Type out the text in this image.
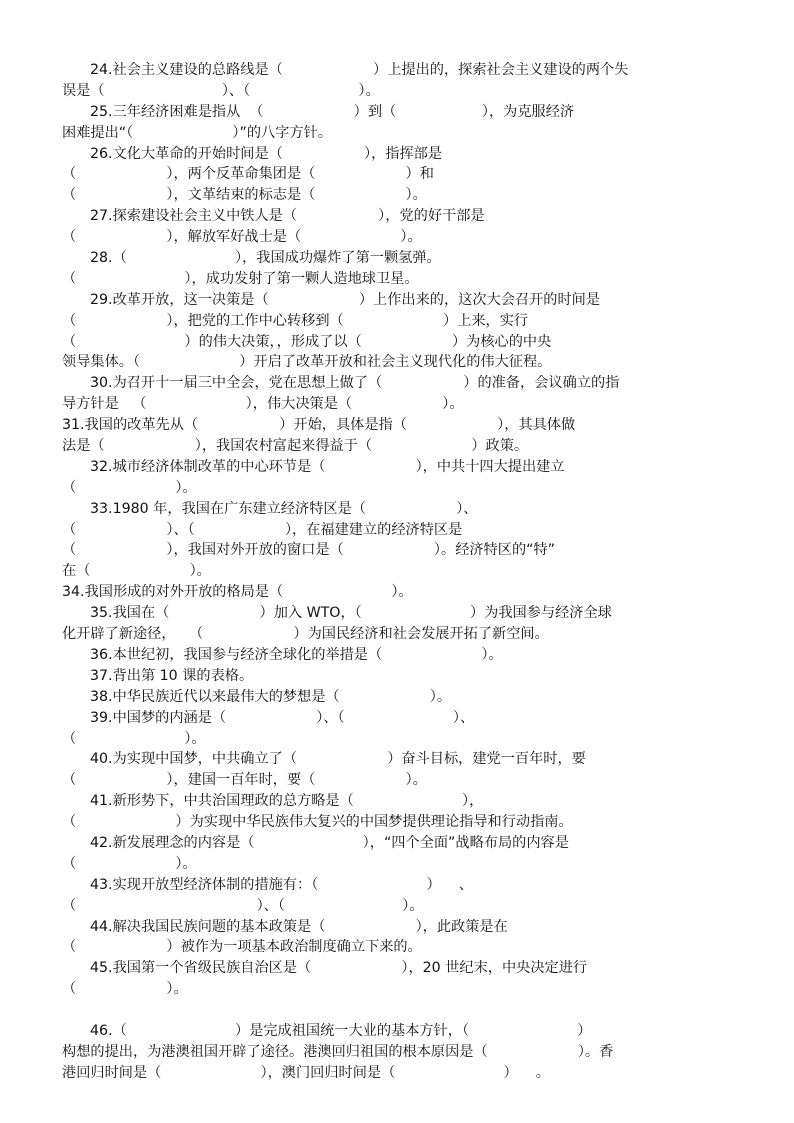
24.社会主义建设的总路线是（                    ）上提出的，探索社会主义建设的两个失
误是（                          ）、（                        ）。
25.三年经济困难是指从  （                    ）到（                   ），为克服经济
困难提出“（                      ）”的八字方针。
26.文化大革命的开始时间是（                  ），指挥部是
（                    ），两个反革命集团是（                    ）和
（                    ），文革结束的标志是（                    ）。
27.探索建设社会主义中铁人是（                  ），党的好干部是
（                    ），解放军好战士是（                      ）。
28.（                        ），我国成功爆炸了第一颗氢弹。
（                        ），成功发射了第一颗人造地球卫星。
29.改革开放，这一决策是（                    ）上作出来的，这次大会召开的时间是
（                    ），把党的工作中心转移到（                      ）上来，实行
（                        ）的伟大决策，，形成了以（                    ）为核心的中央
领导集体。（                      ）开启了改革开放和社会主义现代化的伟大征程。
30.为召开十一届三中全会，党在思想上做了（                  ）的准备，会议确立的指
导方针是   （                      ），伟大决策是（                    ）。
31.我国的改革先从（                  ）开始，具体是指（                    ），其具体做
法是（                    ），我国农村富起来得益于（                      ）政策。
32.城市经济体制改革的中心环节是（                    ），中共十四大提出建立
（                      ）。
33.1980 年，我国在广东建立经济特区是（                    ）、
（                    ）、（                    ），在福建建立的经济特区是
（                    ），我国对外开放的窗口是（                    ）。经济特区的“特”
在（                      ）。
34.我国形成的对外开放的格局是（                        ）。
35.我国在（                    ）加入 WTO，（                        ）为我国参与经济全球
化开辟了新途径，   （                    ）为国民经济和社会发展开拓了新空间。
36.本世纪初，我国参与经济全球化的举措是（                      ）。
37.背出第 10 课的表格。
38.中华民族近代以来最伟大的梦想是（                    ）。
39.中国梦的内涵是（                    ）、（                        ）、
（                        ）。
40.为实现中国梦，中共确立了（                    ）奋斗目标，建党一百年时，要
（                    ），建国一百年时，要（                    ）。
41.新形势下，中共治国理政的总方略是（                        ），
（                      ）为实现中华民族伟大复兴的中国梦提供理论指导和行动指南。
42.新发展理念的内容是（                        ），“四个全面”战略布局的内容是
（                      ）。
43.实现开放型经济体制的措施有：（                        ）    、
（                                        ）、（                          ）。
44.解决我国民族问题的基本政策是（                    ），此政策是在
（                    ）被作为一项基本政治制度确立下来的。
45.我国第一个省级民族自治区是（                    ），20 世纪末，中央决定进行
（                    ）。

46.（                        ）是完成祖国统一大业的基本方针，（                        ）
构想的提出，为港澳祖国开辟了途径。港澳回归祖国的根本原因是（                    ）。香
港回归时间是（                      ），澳门回归时间是（                        ）    。
